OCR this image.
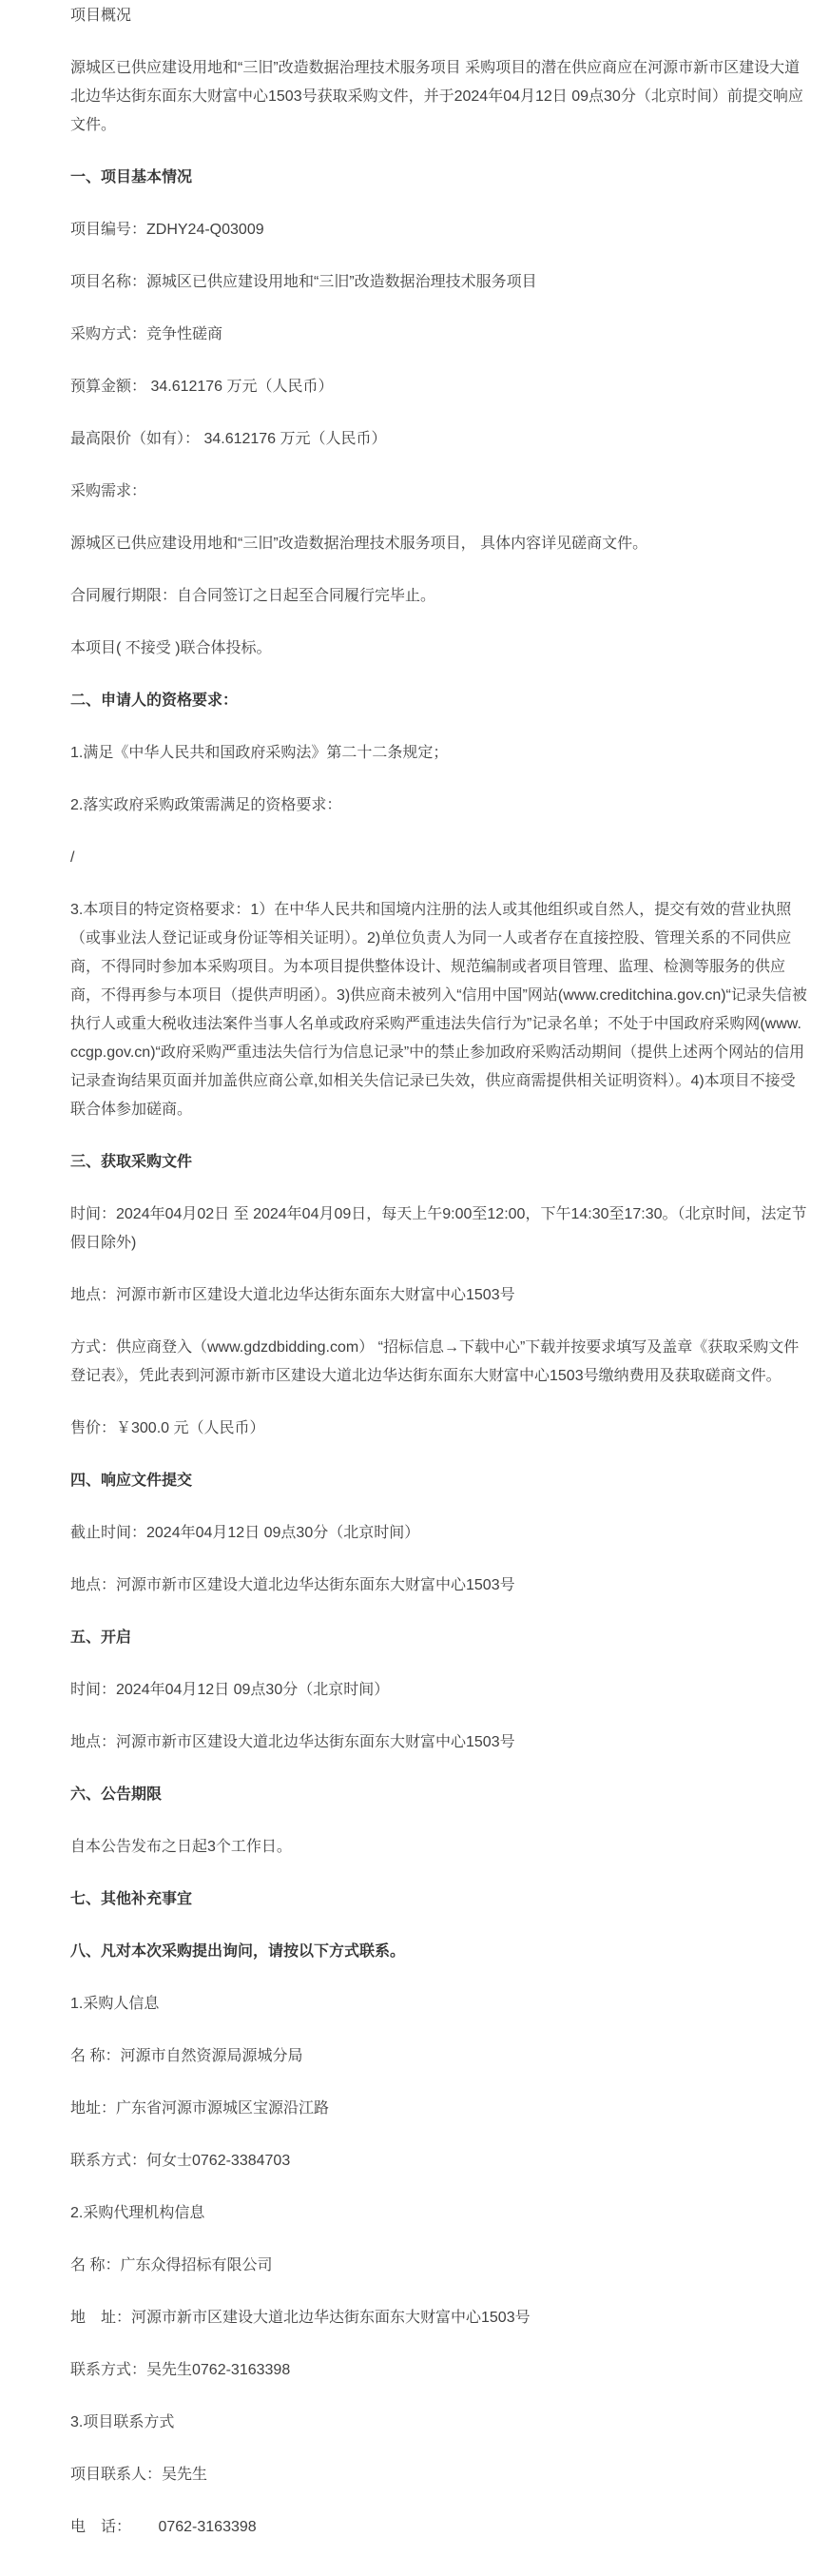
项目概况

源城区已供应建设用地和“三旧”改造数据治理技术服务项目 采购项目的潜在供应商应在河源市新市区建设大道北边华达街东面东大财富中心1503号获取采购文件，并于2024年04月12日 09点30分（北京时间）前提交响应文件。

一、项目基本情况

项目编号：ZDHY24-Q03009

项目名称：源城区已供应建设用地和“三旧”改造数据治理技术服务项目

采购方式：竞争性磋商

预算金额： 34.612176 万元（人民币）

最高限价（如有）： 34.612176 万元（人民币）

采购需求：

源城区已供应建设用地和“三旧”改造数据治理技术服务项目， 具体内容详见磋商文件。

合同履行期限：自合同签订之日起至合同履行完毕止。

本项目( 不接受 )联合体投标。

二、申请人的资格要求：

1.满足《中华人民共和国政府采购法》第二十二条规定；

2.落实政府采购政策需满足的资格要求：

/

3.本项目的特定资格要求：1）在中华人民共和国境内注册的法人或其他组织或自然人，提交有效的营业执照（或事业法人登记证或身份证等相关证明）。2)单位负责人为同一人或者存在直接控股、管理关系的不同供应商，不得同时参加本采购项目。为本项目提供整体设计、规范编制或者项目管理、监理、检测等服务的供应商，不得再参与本项目（提供声明函）。3)供应商未被列入“信用中国”网站(www.creditchina.gov.cn)“记录失信被执行人或重大税收违法案件当事人名单或政府采购严重违法失信行为”记录名单；不处于中国政府采购网(www.ccgp.gov.cn)“政府采购严重违法失信行为信息记录”中的禁止参加政府采购活动期间（提供上述两个网站的信用记录查询结果页面并加盖供应商公章,如相关失信记录已失效，供应商需提供相关证明资料）。4)本项目不接受联合体参加磋商。

三、获取采购文件

时间：2024年04月02日 至 2024年04月09日，每天上午9:00至12:00，下午14:30至17:30。（北京时间，法定节假日除外)

地点：河源市新市区建设大道北边华达街东面东大财富中心1503号

方式：供应商登入（www.gdzdbidding.com） “招标信息→下载中心”下载并按要求填写及盖章《获取采购文件登记表》，凭此表到河源市新市区建设大道北边华达街东面东大财富中心1503号缴纳费用及获取磋商文件。

售价：￥300.0 元（人民币）

四、响应文件提交

截止时间：2024年04月12日 09点30分（北京时间）

地点：河源市新市区建设大道北边华达街东面东大财富中心1503号

五、开启

时间：2024年04月12日 09点30分（北京时间）

地点：河源市新市区建设大道北边华达街东面东大财富中心1503号

六、公告期限

自本公告发布之日起3个工作日。

七、其他补充事宜

八、凡对本次采购提出询问，请按以下方式联系。

1.采购人信息

名 称：河源市自然资源局源城分局

地址：广东省河源市源城区宝源沿江路

联系方式：何女士0762-3384703

2.采购代理机构信息

名 称：广东众得招标有限公司

地　址：河源市新市区建设大道北边华达街东面东大财富中心1503号

联系方式：吴先生0762-3163398

3.项目联系方式

项目联系人：吴先生

电　话：　　 0762-3163398
